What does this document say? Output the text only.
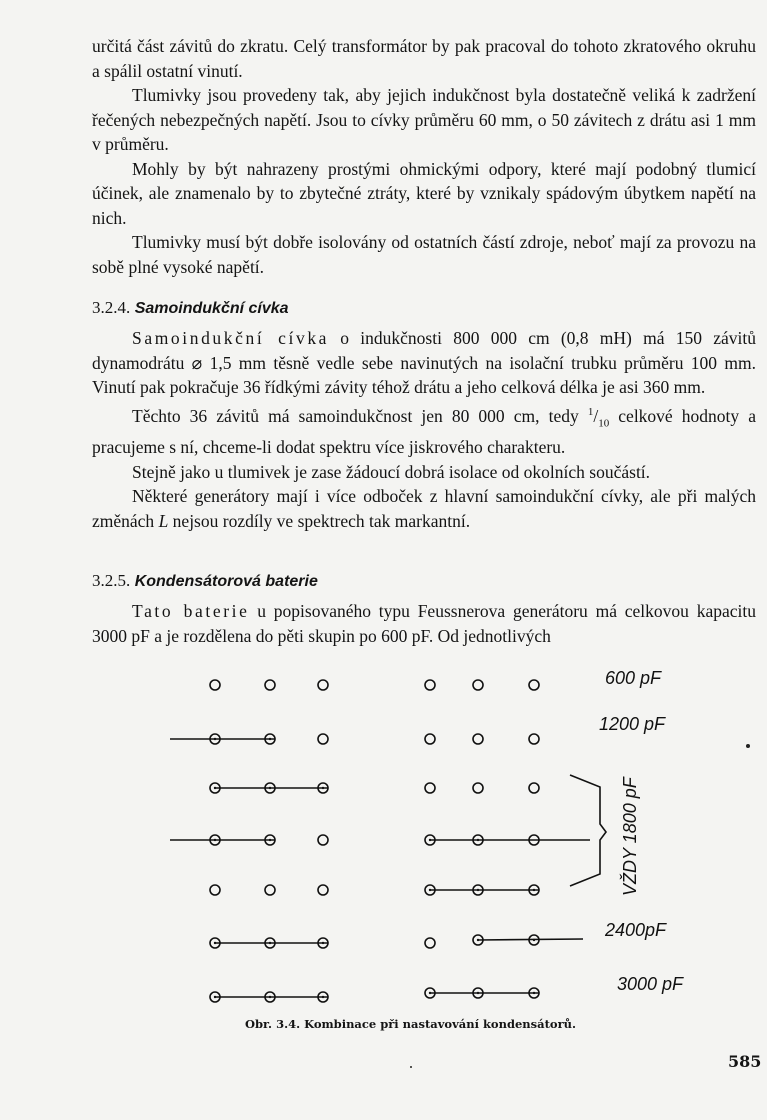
určitá část závitů do zkratu. Celý transformátor by pak pracoval do tohoto zkratového okruhu a spálil ostatní vinutí.

Tlumivky jsou provedeny tak, aby jejich indukčnost byla dostatečně veliká k zadržení řečených nebezpečných napětí. Jsou to cívky průměru 60 mm, o 50 závitech z drátu asi 1 mm v průměru.

Mohly by být nahrazeny prostými ohmickými odpory, které mají podobný tlumicí účinek, ale znamenalo by to zbytečné ztráty, které by vznikaly spádovým úbytkem napětí na nich.

Tlumivky musí být dobře isolovány od ostatních částí zdroje, neboť mají za provozu na sobě plné vysoké napětí.

3.2.4. Samoindukční cívka

Samoindukční cívka o indukčnosti 800 000 cm (0,8 mH) má 150 závitů dynamodrátu ⌀ 1,5 mm těsně vedle sebe navinutých na isolační trubku průměru 100 mm. Vinutí pak pokračuje 36 řídkými závity téhož drátu a jeho celková délka je asi 360 mm.

Těchto 36 závitů má samoindukčnost jen 80 000 cm, tedy $^1/_{10}$ celkové hodnoty a pracujeme s ní, chceme-li dodat spektru více jiskrového charakteru.

Stejně jako u tlumivek je zase žádoucí dobrá isolace od okolních součástí.

Některé generátory mají i více odboček z hlavní samoindukční cívky, ale při malých změnách L nejsou rozdíly ve spektrech tak markantní.

3.2.5. Kondensátorová baterie

Tato baterie u popisovaného typu Feussnerova generátoru má celkovou kapacitu 3000 pF a je rozdělena do pěti skupin po 600 pF. Od jednotlivých

600 pF
1200 pF
VŽDY 1800 pF
2400pF
3000 pF
Obr. 3.4. Kombinace při nastavování kondensátorů.
585
